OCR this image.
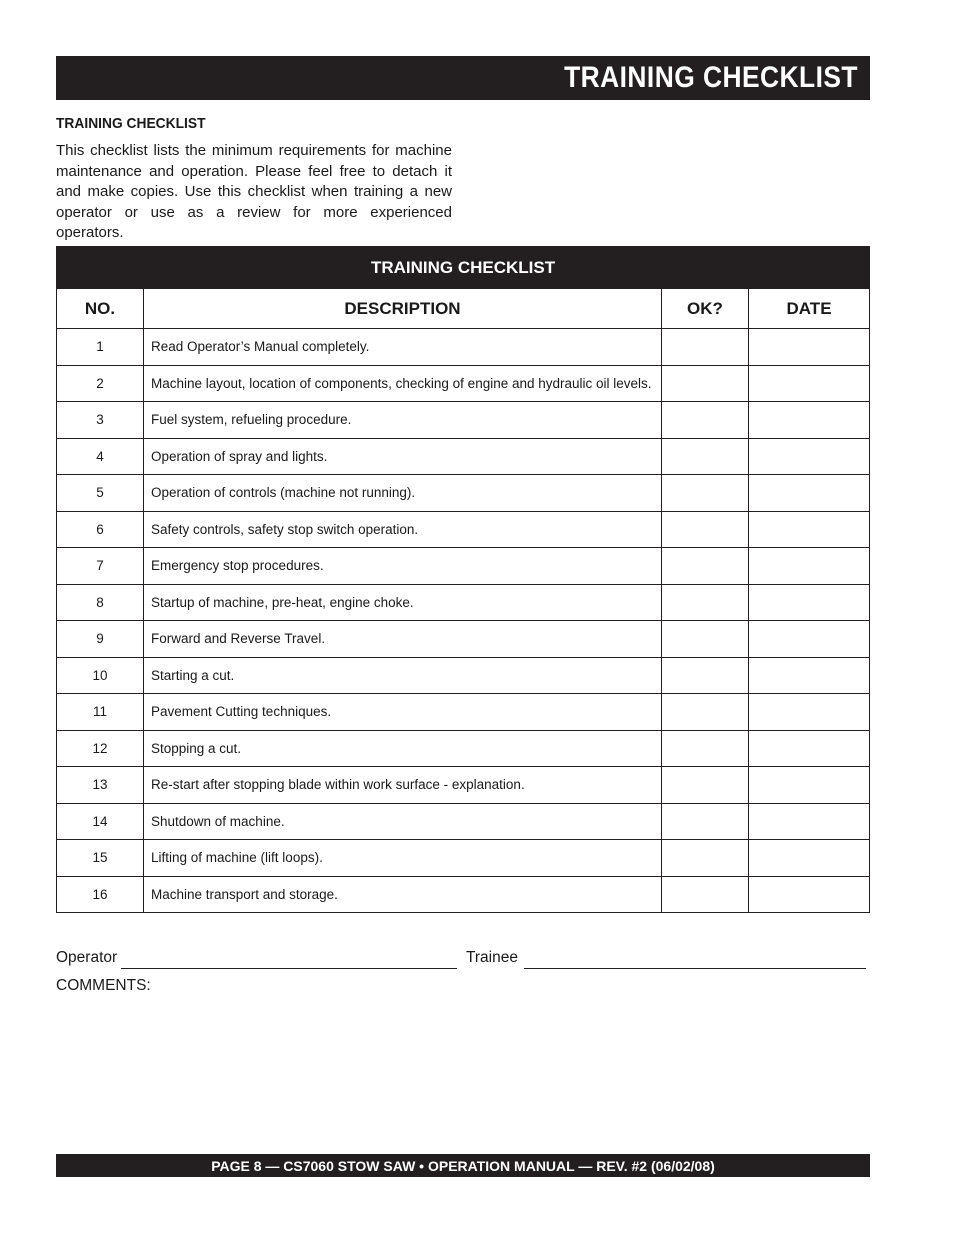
TRAINING CHECKLIST
TRAINING CHECKLIST
This checklist lists the minimum requirements for machine maintenance and operation. Please feel free to detach it and make copies. Use this checklist when training a new operator or use as a review for more experienced operators.
TRAINING CHECKLIST			
NO.	DESCRIPTION	OK?	DATE
1	Read Operator’s Manual completely.		
2	Machine layout, location of components, checking of engine and hydraulic oil levels.		
3	Fuel system, refueling procedure.		
4	Operation of spray and lights.		
5	Operation of controls (machine not running).		
6	Safety controls, safety stop switch operation.		
7	Emergency stop procedures.		
8	Startup of machine, pre-heat, engine choke.		
9	Forward and Reverse Travel.		
10	Starting a cut.		
11	Pavement Cutting techniques.		
12	Stopping a cut.		
13	Re-start after stopping blade within work surface - explanation.		
14	Shutdown of machine.		
15	Lifting of machine (lift loops).		
16	Machine transport and storage.		
Operator	Trainee
COMMENTS:
PAGE 8 — CS7060 STOW SAW • OPERATION MANUAL — REV. #2 (06/02/08)
